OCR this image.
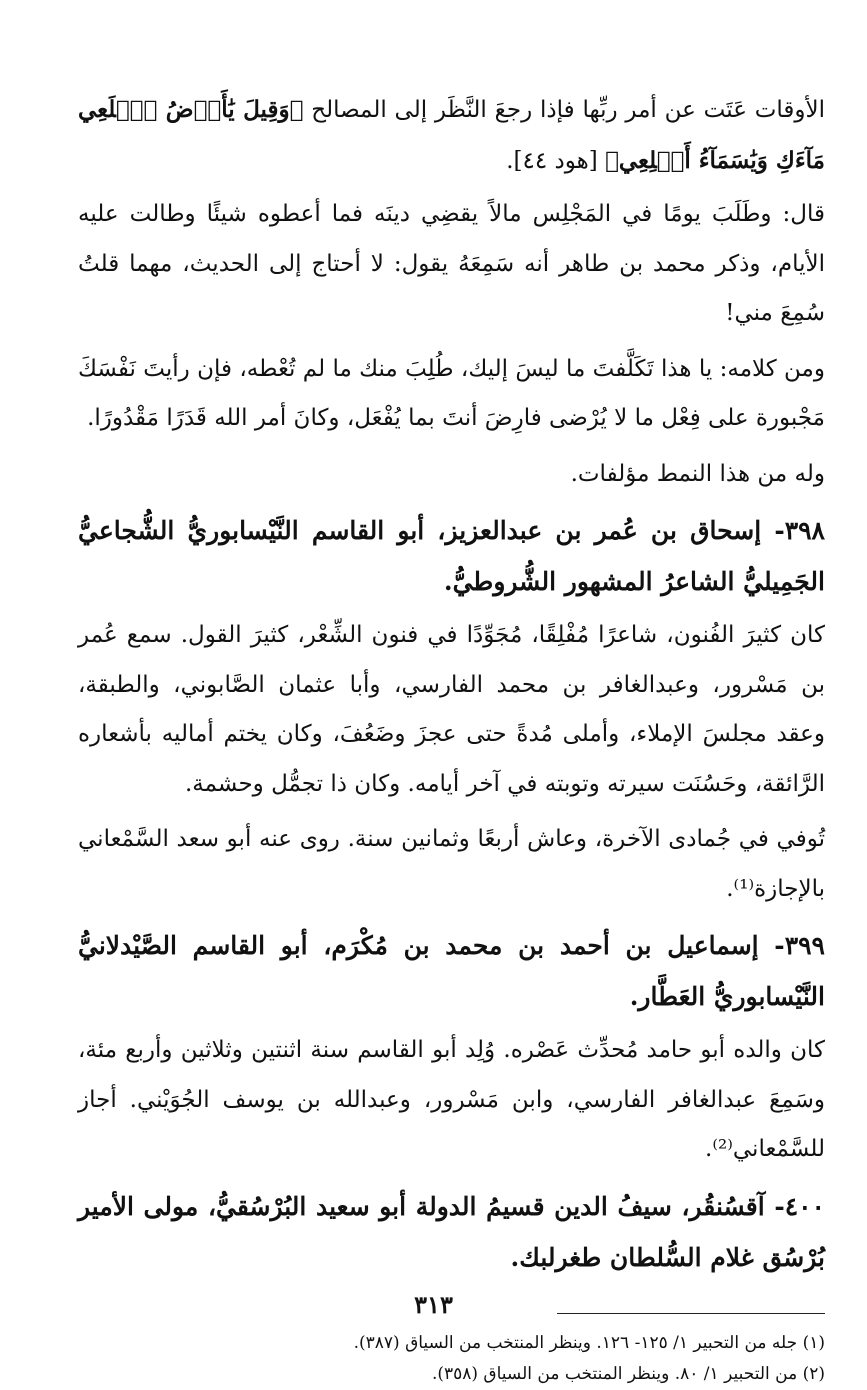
الأوقات عَتَت عن أمر ربِّها فإذا رجعَ النَّظَر إلى المصالح ﴿وَقِيلَ يَٰأَرۡضُ ٱبۡلَعِي مَآءَكِ وَيَٰسَمَآءُ أَقۡلِعِي﴾ [هود ٤٤].

قال: وطَلَبَ يومًا في المَجْلِس مالاً يقضِي دينَه فما أعطوه شيئًا وطالت عليه الأيام، وذكر محمد بن طاهر أنه سَمِعَهُ يقول: لا أحتاج إلى الحديث، مهما قلتُ سُمِعَ مني!

ومن كلامه: يا هذا تَكَلَّفتَ ما ليسَ إليك، طُلِبَ منك ما لم تُعْطه، فإن رأيتَ نَفْسَكَ مَجْبورة على فِعْل ما لا يُرْضى فارِضَ أنتَ بما يُفْعَل، وكانَ أمر الله قَدَرًا مَقْدُورًا.

وله من هذا النمط مؤلفات.

٣٩٨- إسحاق بن عُمر بن عبدالعزيز، أبو القاسم النَّيْسابوريُّ الشُّجاعيُّ الجَمِيليُّ الشاعرُ المشهور الشُّروطيُّ.

كان كثيرَ الفُنون، شاعرًا مُفْلِقًا، مُجَوِّدًا في فنون الشِّعْر، كثيرَ القول. سمع عُمر بن مَسْرور، وعبدالغافر بن محمد الفارسي، وأبا عثمان الصَّابوني، والطبقة، وعقد مجلسَ الإملاء، وأملى مُدةً حتى عجزَ وضَعُفَ، وكان يختم أماليه بأشعاره الرَّائقة، وحَسُنَت سيرته وتوبته في آخر أيامه. وكان ذا تجمُّل وحشمة.

تُوفي في جُمادى الآخرة، وعاش أربعًا وثمانين سنة. روى عنه أبو سعد السَّمْعاني بالإجازة⁽¹⁾.

٣٩٩- إسماعيل بن أحمد بن محمد بن مُكْرَم، أبو القاسم الصَّيْدلانيُّ النَّيْسابوريُّ العَطَّار.

كان والده أبو حامد مُحدِّث عَصْره. وُلِد أبو القاسم سنة اثنتين وثلاثين وأربع مئة، وسَمِعَ عبدالغافر الفارسي، وابن مَسْرور، وعبدالله بن يوسف الجُوَيْني. أجاز للسَّمْعاني⁽²⁾.

٤٠٠- آقسُنقُر، سيفُ الدين قسيمُ الدولة أبو سعيد البُرْسُقيُّ، مولى الأمير بُرْسُق غلام السُّلطان طغرلبك.

(١) جله من التحبير ١/ ١٢٥- ١٢٦. وينظر المنتخب من السياق (٣٨٧).

(٢) من التحبير ١/ ٨٠. وينظر المنتخب من السياق (٣٥٨).

٣١٣
